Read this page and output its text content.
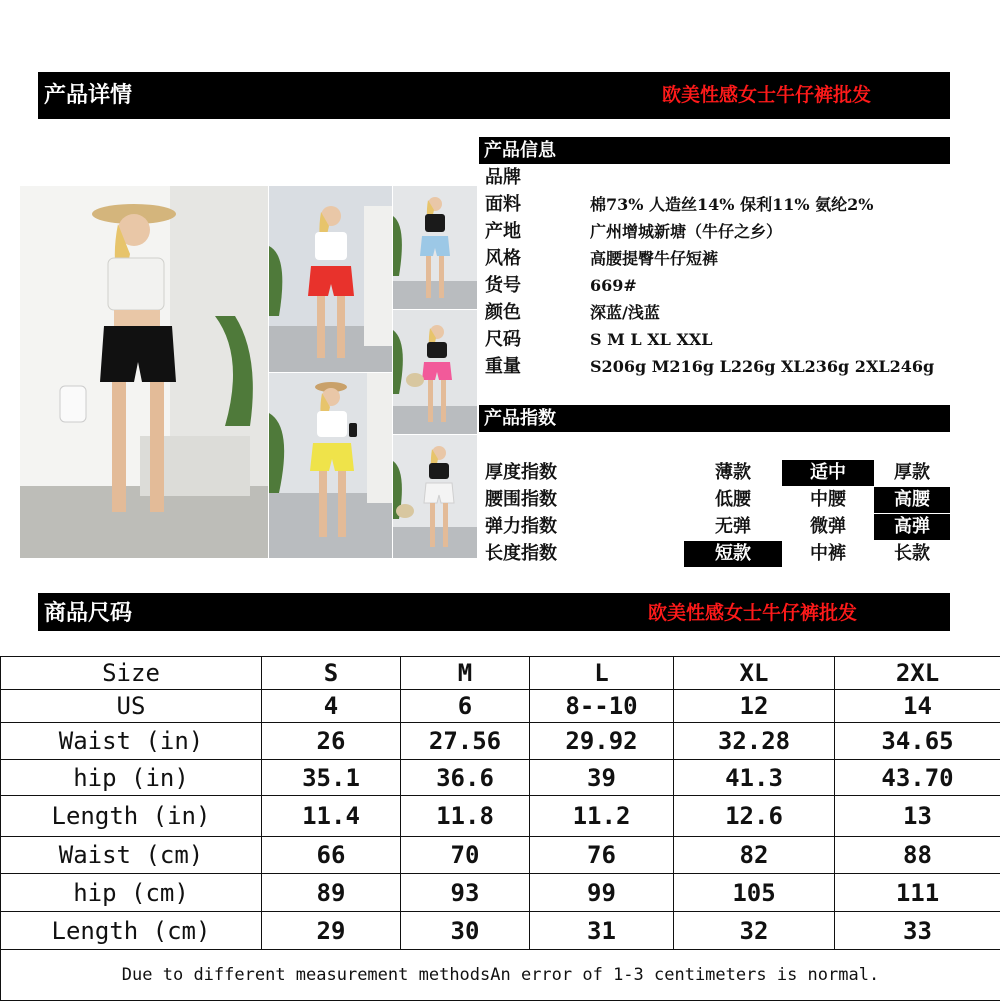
产品详情	欧美性感女士牛仔裤批发
产品信息
品牌
面料	棉73% 人造丝14% 保利11% 氨纶2%
产地	广州增城新塘（牛仔之乡）
风格	高腰提臀牛仔短裤
货号	669#
颜色	深蓝/浅蓝
尺码	S M L XL XXL
重量	S206g M216g L226g XL236g 2XL246g
产品指数
厚度指数	薄款	适中	厚款
腰围指数	低腰	中腰	高腰
弹力指数	无弹	微弹	高弹
长度指数	短款	中裤	长款
商品尺码	欧美性感女士牛仔裤批发
Size	S	M	L	XL	2XL
US	4	6	8--10	12	14
Waist (in)	26	27.56	29.92	32.28	34.65
hip (in)	35.1	36.6	39	41.3	43.70
Length (in)	11.4	11.8	11.2	12.6	13
Waist (cm)	66	70	76	82	88
hip (cm)	89	93	99	105	111
Length (cm)	29	30	31	32	33
Due to different measurement methodsAn error of 1-3 centimeters is normal.					
